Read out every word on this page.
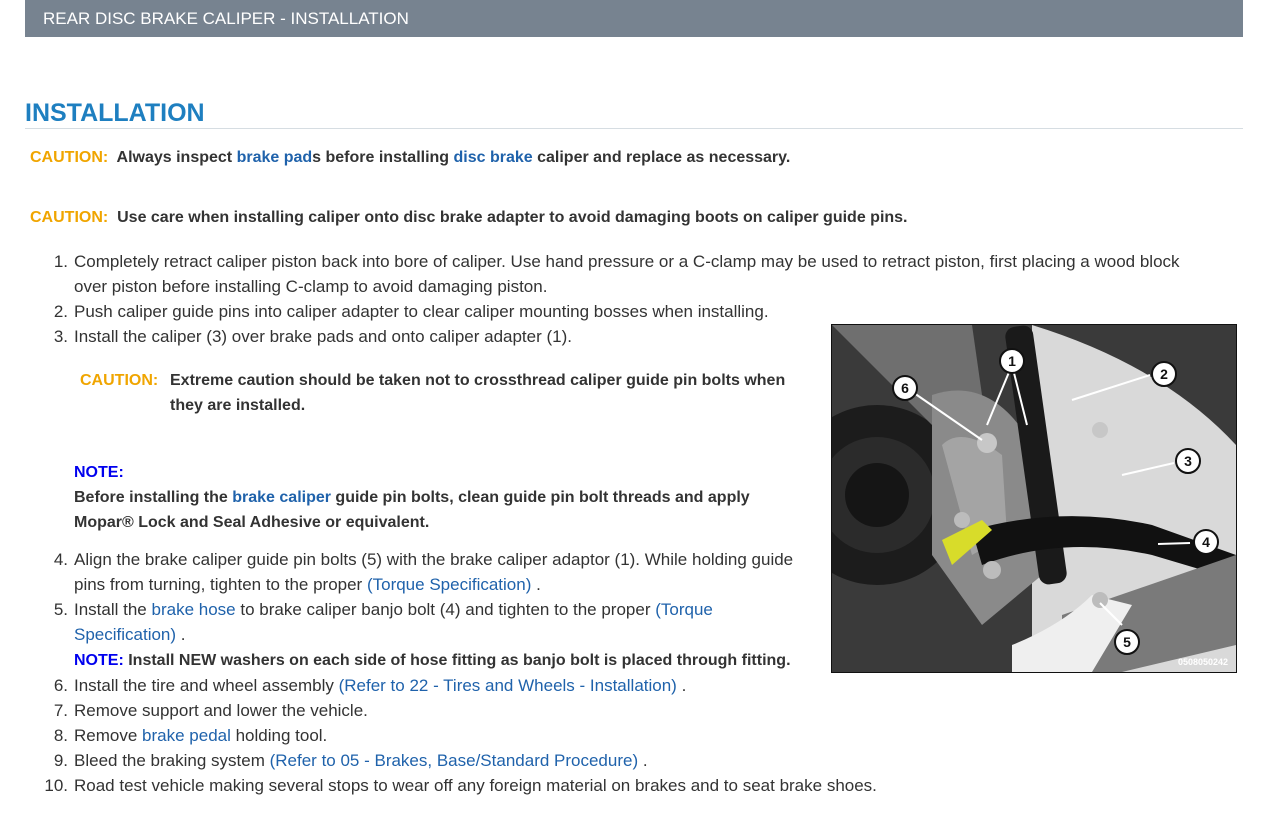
REAR DISC BRAKE CALIPER - INSTALLATION
INSTALLATION
CAUTION: Always inspect brake pads before installing disc brake caliper and replace as necessary.
CAUTION: Use care when installing caliper onto disc brake adapter to avoid damaging boots on caliper guide pins.
1. Completely retract caliper piston back into bore of caliper. Use hand pressure or a C-clamp may be used to retract piston, first placing a wood block
over piston before installing C-clamp to avoid damaging piston.
2. Push caliper guide pins into caliper adapter to clear caliper mounting bosses when installing.
3. Install the caliper (3) over brake pads and onto caliper adapter (1).
4. Align the brake caliper guide pin bolts (5) with the brake caliper adaptor (1). While holding guide
pins from turning, tighten to the proper (Torque Specification) .
5. Install the brake hose to brake caliper banjo bolt (4) and tighten to the proper (Torque
Specification) .
6. Install the tire and wheel assembly (Refer to 22 - Tires and Wheels - Installation) .
7. Remove support and lower the vehicle.
8. Remove brake pedal holding tool.
9. Bleed the braking system (Refer to 05 - Brakes, Base/Standard Procedure) .
10. Road test vehicle making several stops to wear off any foreign material on brakes and to seat brake shoes.
CAUTION: Extreme caution should be taken not to crossthread caliper guide pin bolts when
they are installed.
NOTE:
Before installing the brake caliper guide pin bolts, clean guide pin bolt threads and apply
Mopar® Lock and Seal Adhesive or equivalent.
NOTE: Install NEW washers on each side of hose fitting as banjo bolt is placed through fitting.
1
2
3
4
5
6
0508050242
